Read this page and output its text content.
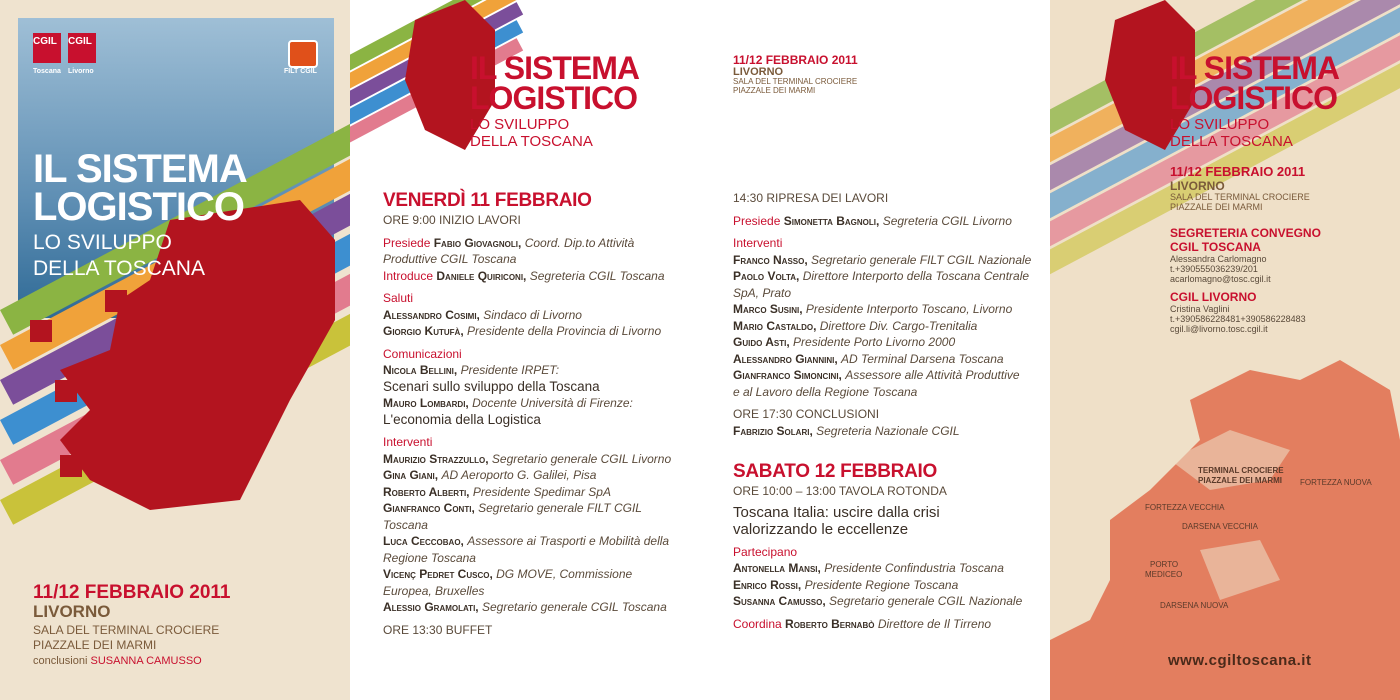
CGIL
Toscana
CGIL
Livorno	FILT CGIL
IL SISTEMA
LOGISTICO
LO SVILUPPO
DELLA TOSCANA
11/12 FEBBRAIO 2011
LIVORNO
SALA DEL TERMINAL CROCIERE
PIAZZALE DEI MARMI
conclusioni SUSANNA CAMUSSO
IL SISTEMA
LOGISTICO
LO SVILUPPO
DELLA TOSCANA
11/12 FEBBRAIO 2011
LIVORNO
SALA DEL TERMINAL CROCIERE
PIAZZALE DEI MARMI
VENERDÌ 11 FEBBRAIO
ORE 9:00 INIZIO LAVORI
Presiede Fabio Giovagnoli, Coord. Dip.to Attività
Produttive CGIL Toscana
Introduce Daniele Quiriconi, Segreteria CGIL Toscana
Saluti
Alessandro Cosimi, Sindaco di Livorno
Giorgio Kutufà, Presidente della Provincia di Livorno
Comunicazioni
Nicola Bellini, Presidente IRPET:
Scenari sullo sviluppo della Toscana
Mauro Lombardi, Docente Università di Firenze:
L'economia della Logistica
Interventi
Maurizio Strazzullo, Segretario generale CGIL Livorno
Gina Giani, AD Aeroporto G. Galilei, Pisa
Roberto Alberti, Presidente Spedimar SpA
Gianfranco Conti, Segretario generale FILT CGIL
Toscana
Luca Ceccobao, Assessore ai Trasporti e Mobilità della
Regione Toscana
Vicenç Pedret Cusco, DG MOVE, Commissione
Europea, Bruxelles
Alessio Gramolati, Segretario generale CGIL Toscana
ORE 13:30 BUFFET
14:30 RIPRESA DEI LAVORI
Presiede Simonetta Bagnoli, Segreteria CGIL Livorno
Interventi
Franco Nasso, Segretario generale FILT CGIL Nazionale
Paolo Volta, Direttore Interporto della Toscana Centrale
SpA, Prato
Marco Susini, Presidente Interporto Toscano, Livorno
Mario Castaldo, Direttore Div. Cargo-Trenitalia
Guido Asti, Presidente Porto Livorno 2000
Alessandro Giannini, AD Terminal Darsena Toscana
Gianfranco Simoncini, Assessore alle Attività Produttive
e al Lavoro della Regione Toscana
ORE 17:30 CONCLUSIONI
Fabrizio Solari, Segreteria Nazionale CGIL
SABATO 12 FEBBRAIO
ORE 10:00 – 13:00 TAVOLA ROTONDA
Toscana Italia: uscire dalla crisi
valorizzando le eccellenze
Partecipano
Antonella Mansi, Presidente Confindustria Toscana
Enrico Rossi, Presidente Regione Toscana
Susanna Camusso, Segretario generale CGIL Nazionale
Coordina Roberto Bernabò Direttore de Il Tirreno
IL SISTEMA
LOGISTICO
LO SVILUPPO
DELLA TOSCANA
11/12 FEBBRAIO 2011
LIVORNO
SALA DEL TERMINAL CROCIERE
PIAZZALE DEI MARMI
SEGRETERIA CONVEGNO
CGIL TOSCANA
Alessandra Carlomagno
t.+390555036239/201
acarlomagno@tosc.cgil.it
CGIL LIVORNO
Cristina Vaglini
t.+390586228481+390586228483
cgil.li@livorno.tosc.cgil.it
TERMINAL CROCIERE
PIAZZALE DEI MARMI
FORTEZZA VECCHIA
FORTEZZA NUOVA
DARSENA VECCHIA
PORTO
MEDICEO
DARSENA NUOVA
www.cgiltoscana.it
